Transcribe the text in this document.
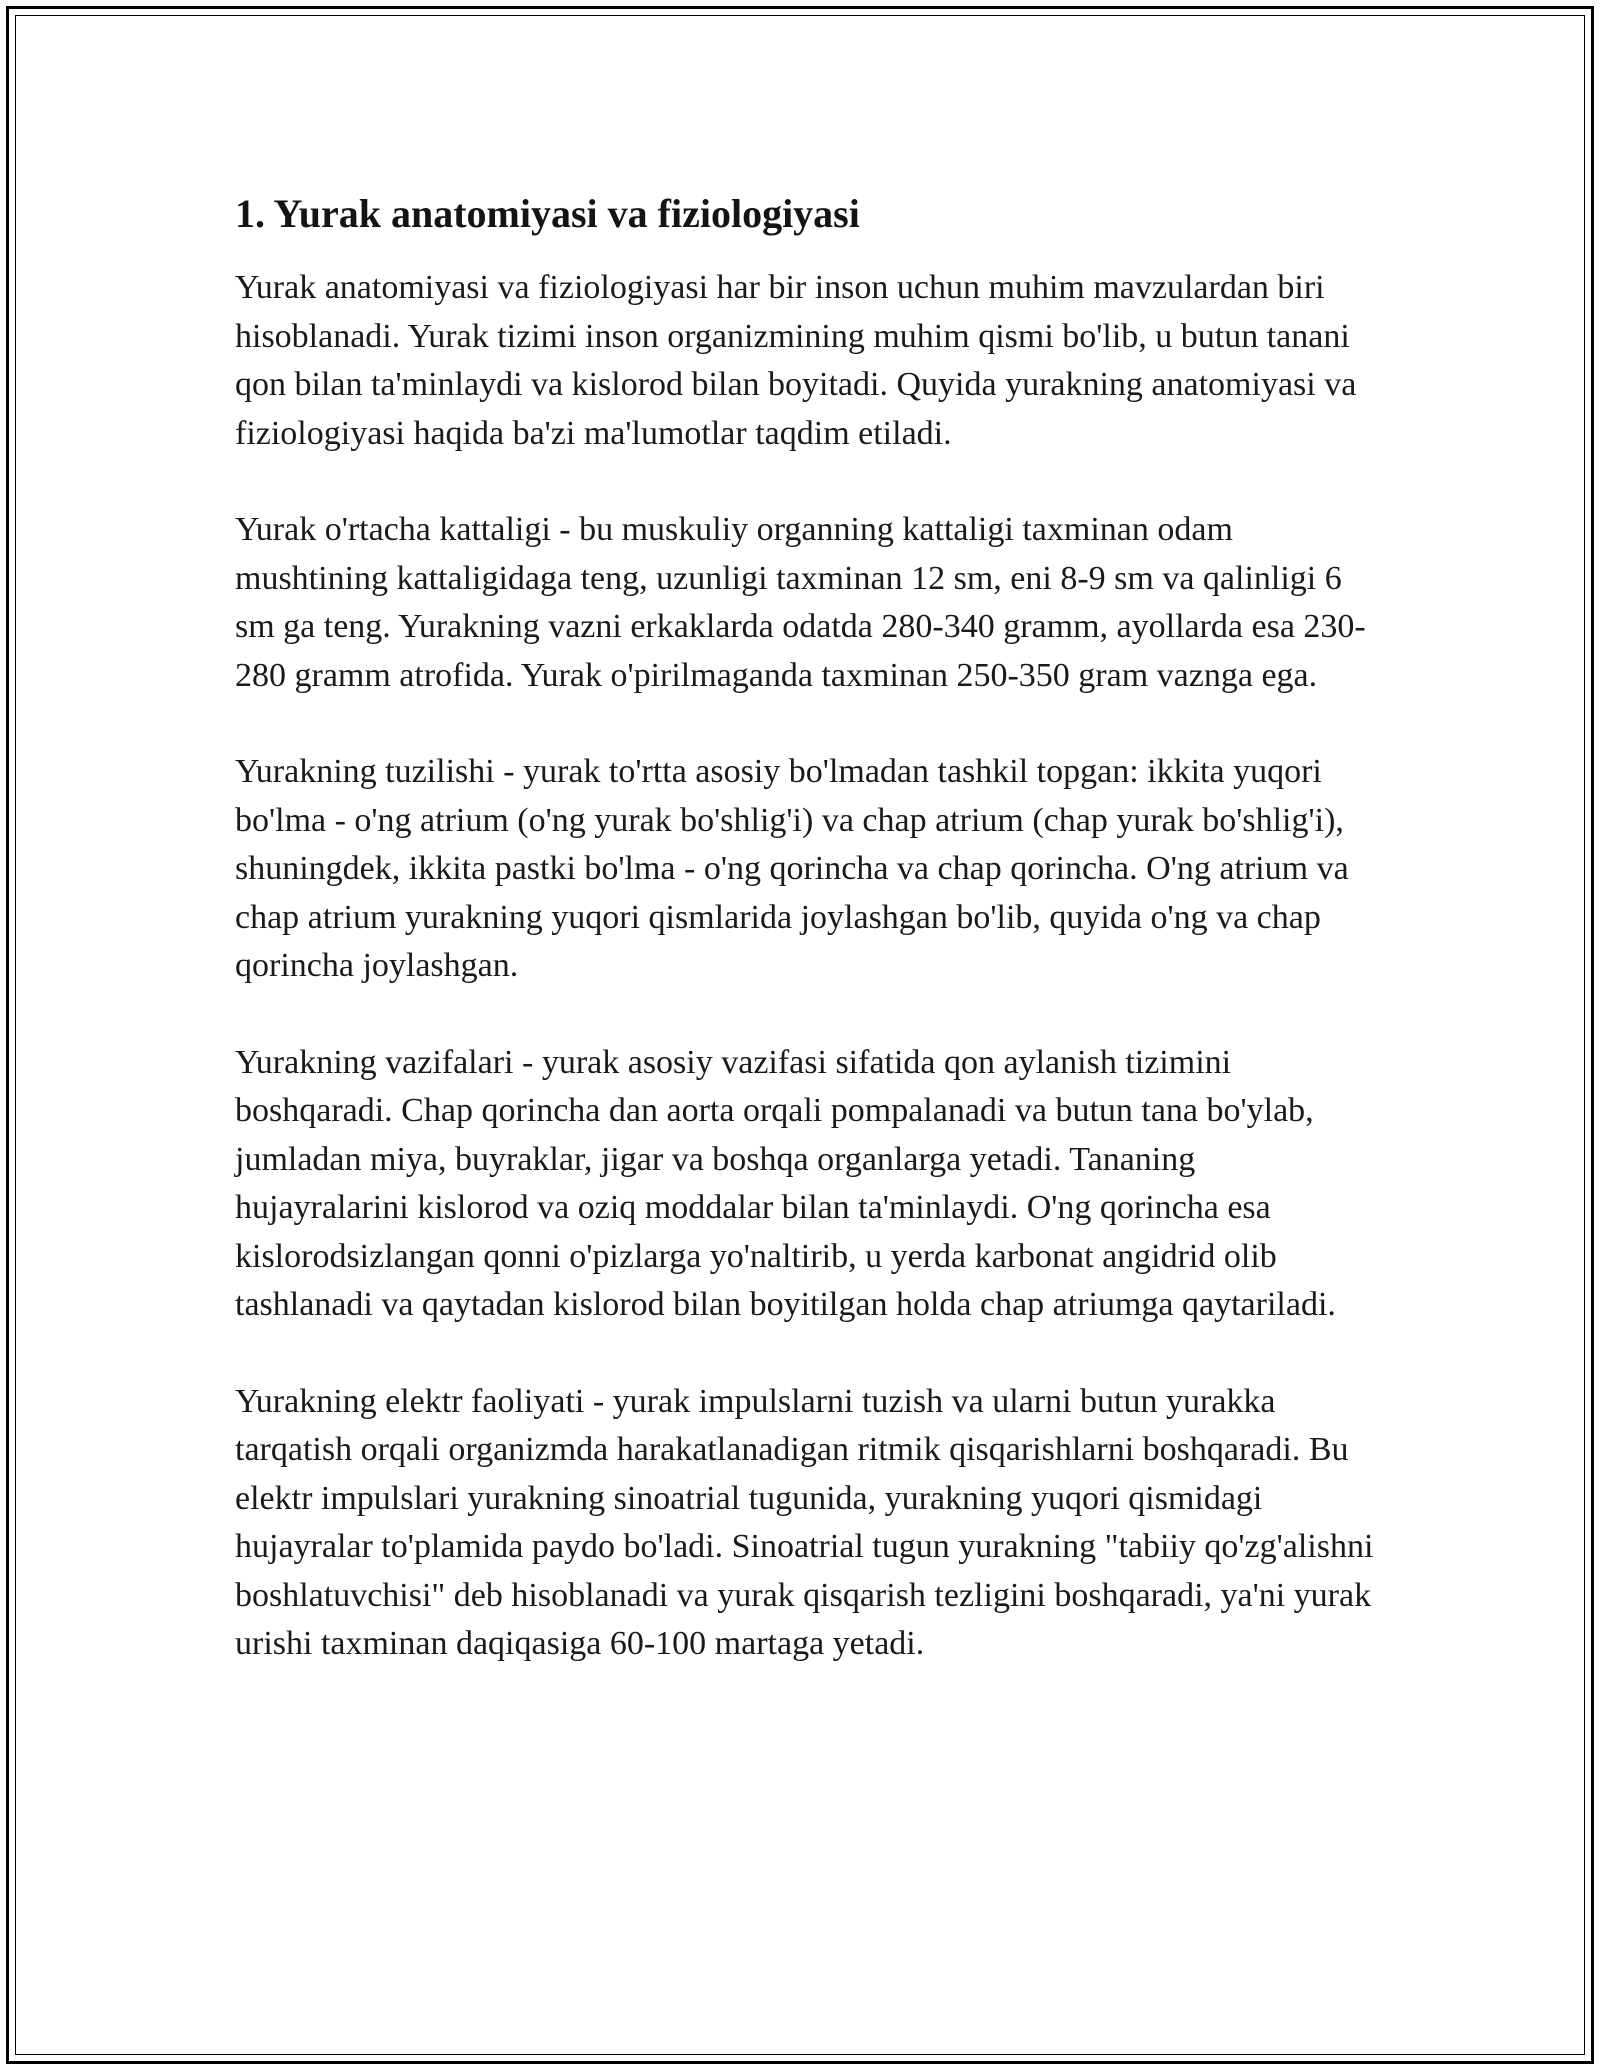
1. Yurak anatomiyasi va fiziologiyasi

Yurak anatomiyasi va fiziologiyasi har bir inson uchun muhim mavzulardan biri hisoblanadi. Yurak tizimi inson organizmining muhim qismi bo'lib, u butun tanani qon bilan ta'minlaydi va kislorod bilan boyitadi. Quyida yurakning anatomiyasi va fiziologiyasi haqida ba'zi ma'lumotlar taqdim etiladi.

Yurak o'rtacha kattaligi - bu muskuliy organning kattaligi taxminan odam mushtining kattaligidaga teng, uzunligi taxminan 12 sm, eni 8-9 sm va qalinligi 6 sm ga teng. Yurakning vazni erkaklarda odatda 280-340 gramm, ayollarda esa 230-280 gramm atrofida. Yurak o'pirilmaganda taxminan 250-350 gram vaznga ega.

Yurakning tuzilishi - yurak to'rtta asosiy bo'lmadan tashkil topgan: ikkita yuqori bo'lma - o'ng atrium (o'ng yurak bo'shlig'i) va chap atrium (chap yurak bo'shlig'i), shuningdek, ikkita pastki bo'lma - o'ng qorincha va chap qorincha. O'ng atrium va chap atrium yurakning yuqori qismlarida joylashgan bo'lib, quyida o'ng va chap qorincha joylashgan.

Yurakning vazifalari - yurak asosiy vazifasi sifatida qon aylanish tizimini boshqaradi. Chap qorincha dan aorta orqali pompalanadi va butun tana bo'ylab, jumladan miya, buyraklar, jigar va boshqa organlarga yetadi. Tananing hujayralarini kislorod va oziq moddalar bilan ta'minlaydi. O'ng qorincha esa kislorodsizlangan qonni o'pizlarga yo'naltirib, u yerda karbonat angidrid olib tashlanadi va qaytadan kislorod bilan boyitilgan holda chap atriumga qaytariladi.

Yurakning elektr faoliyati - yurak impulslarni tuzish va ularni butun yurakka tarqatish orqali organizmda harakatlanadigan ritmik qisqarishlarni boshqaradi. Bu elektr impulslari yurakning sinoatrial tugunida, yurakning yuqori qismidagi hujayralar to'plamida paydo bo'ladi. Sinoatrial tugun yurakning "tabiiy qo'zg'alishni boshlatuvchisi" deb hisoblanadi va yurak qisqarish tezligini boshqaradi, ya'ni yurak urishi taxminan daqiqasiga 60-100 martaga yetadi.
